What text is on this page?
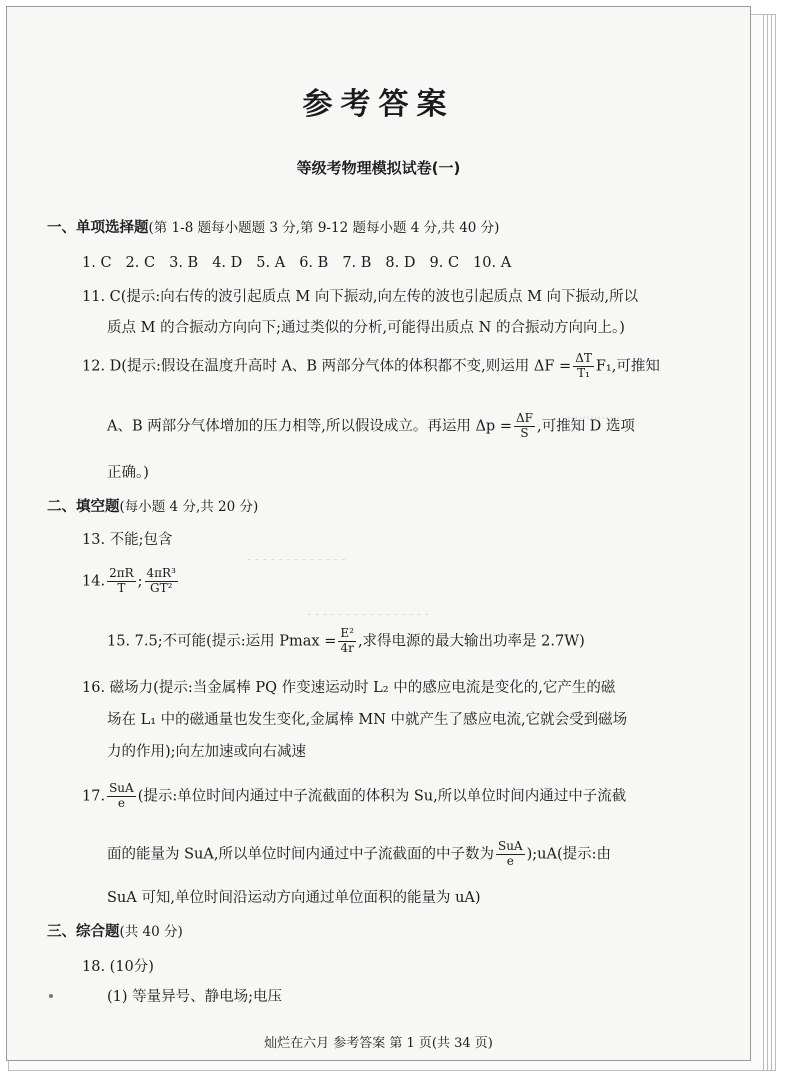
,,,,,,,,,,,,,,
- - - - - - - - - - - - -
- - - - - - - - - - - - - - - -
参考答案
等级考物理模拟试卷(一)
一、单项选择题(第 1-8 题每小题题 3 分,第 9-12 题每小题 4 分,共 40 分)
1. C 2. C 3. B 4. D 5. A 6. B 7. B 8. D 9. C 10. A
11. C(提示:向右传的波引起质点 M 向下振动,向左传的波也引起质点 M 向下振动,所以
质点 M 的合振动方向向下;通过类似的分析,可能得出质点 N 的合振动方向向上。)
12. D(提示:假设在温度升高时 A、B 两部分气体的体积都不变,则运用 $\Delta F = \frac{\Delta T}{\text{T₁}} F_1$,可推知
A、B 两部分气体增加的压力相等,所以假设成立。再运用 $\Delta p = \frac{\Delta F}{S}$ ,可推知 D 选项
正确。)
二、填空题(每小题 4 分,共 20 分)
13. 不能;包含
14. $\frac{2\pi R}{T}$ ; $\frac{\text{4πR³}}{\text{GT²}}$
15. 7.5;不可能(提示:运用 $Pmax = \frac{\text{E²}}{4r}$ ,求得电源的最大输出功率是 2.7W)
16. 磁场力(提示:当金属棒 PQ 作变速运动时 L₂ 中的感应电流是变化的,它产生的磁
场在 L₁ 中的磁通量也发生变化,金属棒 MN 中就产生了感应电流,它就会受到磁场
力的作用);向左加速或向右减速
17. $\frac{\text{SuA}}{e}$ (提示:单位时间内通过中子流截面的体积为 Su,所以单位时间内通过中子流截
面的能量为 SuA,所以单位时间内通过中子流截面的中子数为 $\frac{\text{SuA}}{e}$ );uA(提示:由
SuA 可知,单位时间沿运动方向通过单位面积的能量为 uA)
三、综合题(共 40 分)
18. (10分)
(1) 等量异号、静电场;电压
灿烂在六月 参考答案 第 1 页(共 34 页)
